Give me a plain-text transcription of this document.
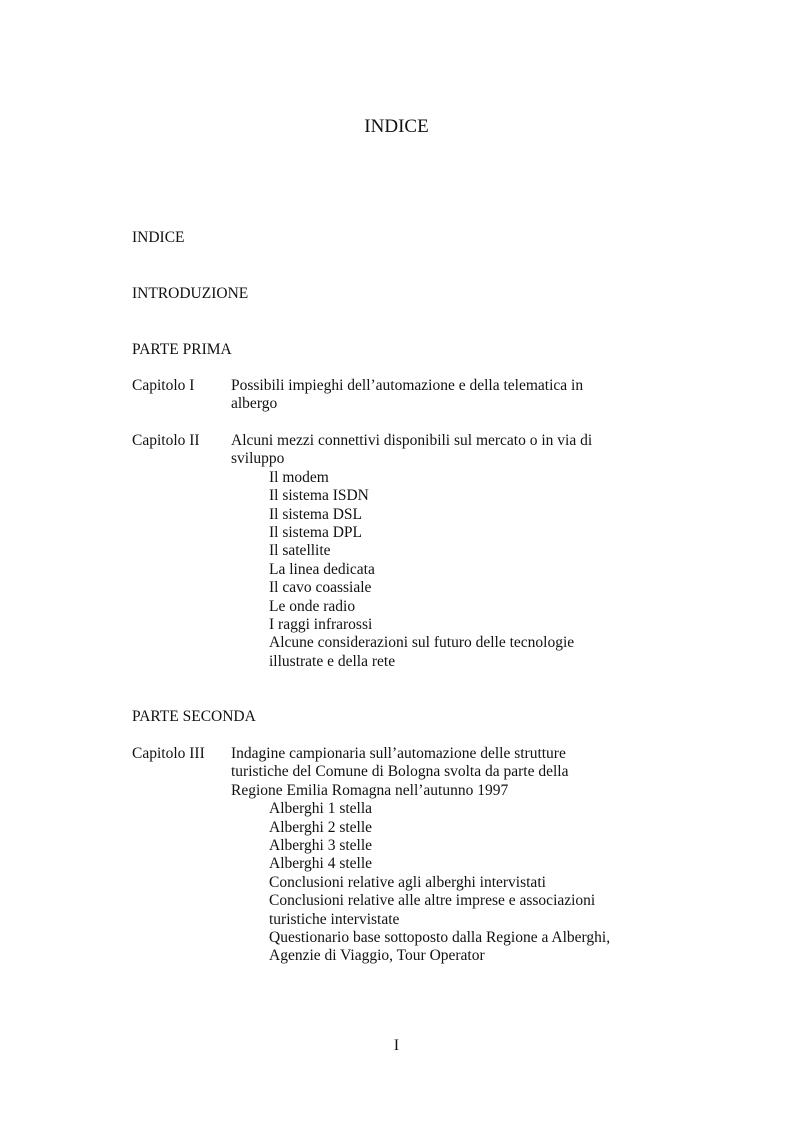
INDICE
INDICE
INTRODUZIONE
PARTE PRIMA
Capitolo I	Possibili impieghi dell’automazione e della telematica in
albergo
Capitolo II	Alcuni mezzi connettivi disponibili sul mercato o in via di
sviluppo
Il modem
Il sistema ISDN
Il sistema DSL
Il sistema DPL
Il satellite
La linea dedicata
Il cavo coassiale
Le onde radio
I raggi infrarossi
Alcune considerazioni sul futuro delle tecnologie
illustrate e della rete
PARTE SECONDA
Capitolo III	Indagine campionaria sull’automazione delle strutture
turistiche del Comune di Bologna svolta da parte della
Regione Emilia Romagna nell’autunno 1997
Alberghi 1 stella
Alberghi 2 stelle
Alberghi 3 stelle
Alberghi 4 stelle
Conclusioni relative agli alberghi intervistati
Conclusioni relative alle altre imprese e associazioni
turistiche intervistate
Questionario base sottoposto dalla Regione a Alberghi,
Agenzie di Viaggio, Tour Operator
I
